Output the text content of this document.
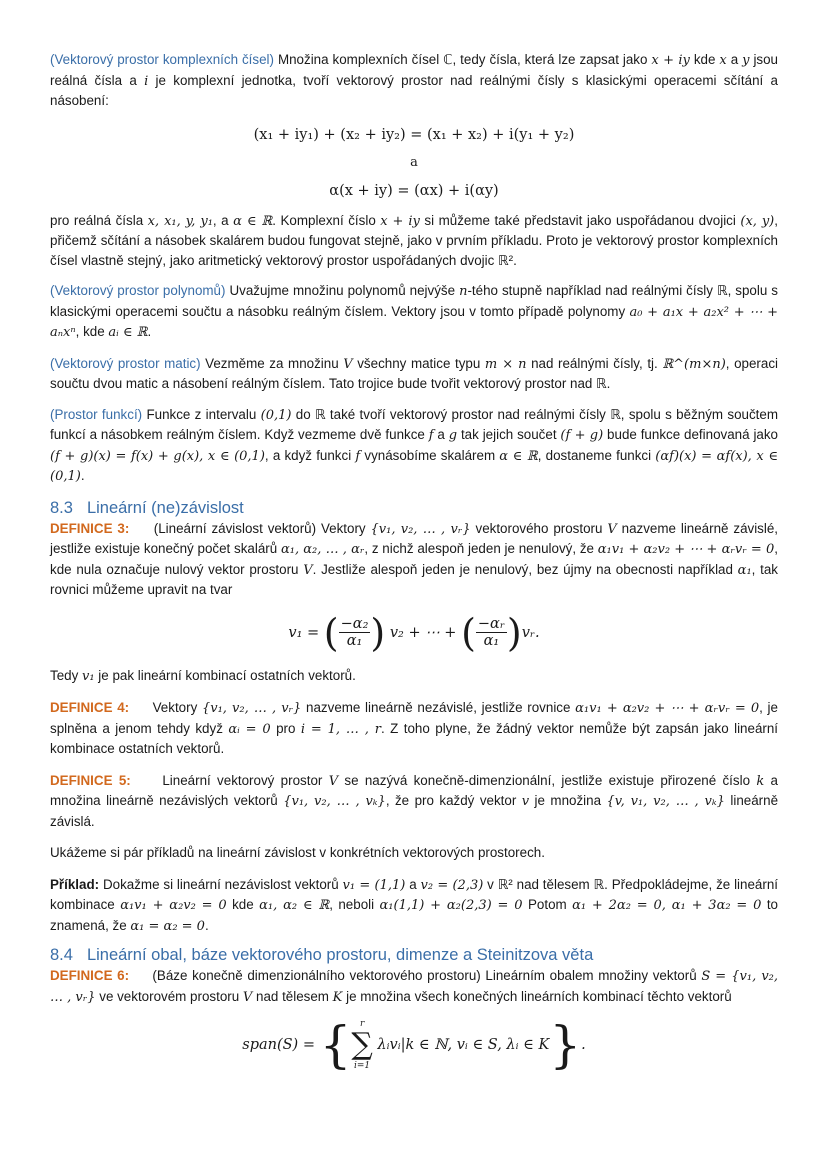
(Vektorový prostor komplexních čísel) Množina komplexních čísel ℂ, tedy čísla, která lze zapsat jako x + iy kde x a y jsou reálná čísla a i je komplexní jednotka, tvoří vektorový prostor nad reálnými čísly s klasickými operacemi sčítání a násobení:

(x₁ + iy₁) + (x₂ + iy₂) = (x₁ + x₂) + i(y₁ + y₂)
a
α(x + iy) = (αx) + i(αy)

pro reálná čísla x, x₁, y, y₁, a α ∈ ℝ. Komplexní číslo x + iy si můžeme také představit jako uspořádanou dvojici (x, y), přičemž sčítání a násobek skalárem budou fungovat stejně, jako v prvním příkladu. Proto je vektorový prostor komplexních čísel vlastně stejný, jako aritmetický vektorový prostor uspořádaných dvojic ℝ².

(Vektorový prostor polynomů) Uvažujme množinu polynomů nejvýše n-tého stupně například nad reálnými čísly ℝ, spolu s klasickými operacemi součtu a násobku reálným číslem. Vektory jsou v tomto případě polynomy a₀ + a₁x + a₂x² + ⋯ + aₙxⁿ, kde aᵢ ∈ ℝ.

(Vektorový prostor matic) Vezměme za množinu V všechny matice typu m × n nad reálnými čísly, tj. ℝ^(m×n), operaci součtu dvou matic a násobení reálným číslem. Tato trojice bude tvořit vektorový prostor nad ℝ.

(Prostor funkcí) Funkce z intervalu (0,1) do ℝ také tvoří vektorový prostor nad reálnými čísly ℝ, spolu s běžným součtem funkcí a násobkem reálným číslem. Když vezmeme dvě funkce f a g tak jejich součet (f + g) bude funkce definovaná jako (f + g)(x) = f(x) + g(x), x ∈ (0,1), a když funkci f vynásobíme skalárem α ∈ ℝ, dostaneme funkci (αf)(x) = αf(x), x ∈ (0,1).

8.3 Lineární (ne)závislost

DEFINICE 3: (Lineární závislost vektorů) Vektory {v₁, v₂, … , vᵣ} vektorového prostoru V nazveme lineárně závislé, jestliže existuje konečný počet skalárů α₁, α₂, … , αᵣ, z nichž alespoň jeden je nenulový, že α₁v₁ + α₂v₂ + ⋯ + αᵣvᵣ = 0, kde nula označuje nulový vektor prostoru V. Jestliže alespoň jeden je nenulový, bez újmy na obecnosti například α₁, tak rovnici můžeme upravit na tvar

v₁ = ( $\frac{\text{−α₂}}{\text{α₁}}$ ) v₂ + ⋯ + ( $\frac{\text{−αᵣ}}{\text{α₁}}$ )vᵣ.

Tedy v₁ je pak lineární kombinací ostatních vektorů.

DEFINICE 4: Vektory {v₁, v₂, … , vᵣ} nazveme lineárně nezávislé, jestliže rovnice α₁v₁ + α₂v₂ + ⋯ + αᵣvᵣ = 0, je splněna a jenom tehdy když αᵢ = 0 pro i = 1, … , r. Z toho plyne, že žádný vektor nemůže být zapsán jako lineární kombinace ostatních vektorů.

DEFINICE 5: Lineární vektorový prostor V se nazývá konečně-dimenzionální, jestliže existuje přirozené číslo k a množina lineárně nezávislých vektorů {v₁, v₂, … , vₖ}, že pro každý vektor v je množina {v, v₁, v₂, … , vₖ} lineárně závislá.

Ukážeme si pár příkladů na lineární závislost v konkrétních vektorových prostorech.

Příklad: Dokažme si lineární nezávislost vektorů v₁ = (1,1) a v₂ = (2,3) v ℝ² nad tělesem ℝ. Předpokládejme, že lineární kombinace α₁v₁ + α₂v₂ = 0 kde α₁, α₂ ∈ ℝ, neboli α₁(1,1) + α₂(2,3) = 0 Potom α₁ + 2α₂ = 0, α₁ + 3α₂ = 0 to znamená, že α₁ = α₂ = 0.

8.4 Lineární obal, báze vektorového prostoru, dimenze a Steinitzova věta

DEFINICE 6: (Báze konečně dimenzionálního vektorového prostoru) Lineárním obalem množiny vektorů S = {v₁, v₂, … , vᵣ} ve vektorovém prostoru V nad tělesem K je množina všech konečných lineárních kombinací těchto vektorů

span(S) = { r
∑
i=1
λᵢvᵢ|k ∈ ℕ, vᵢ ∈ S, λᵢ ∈ K}.
